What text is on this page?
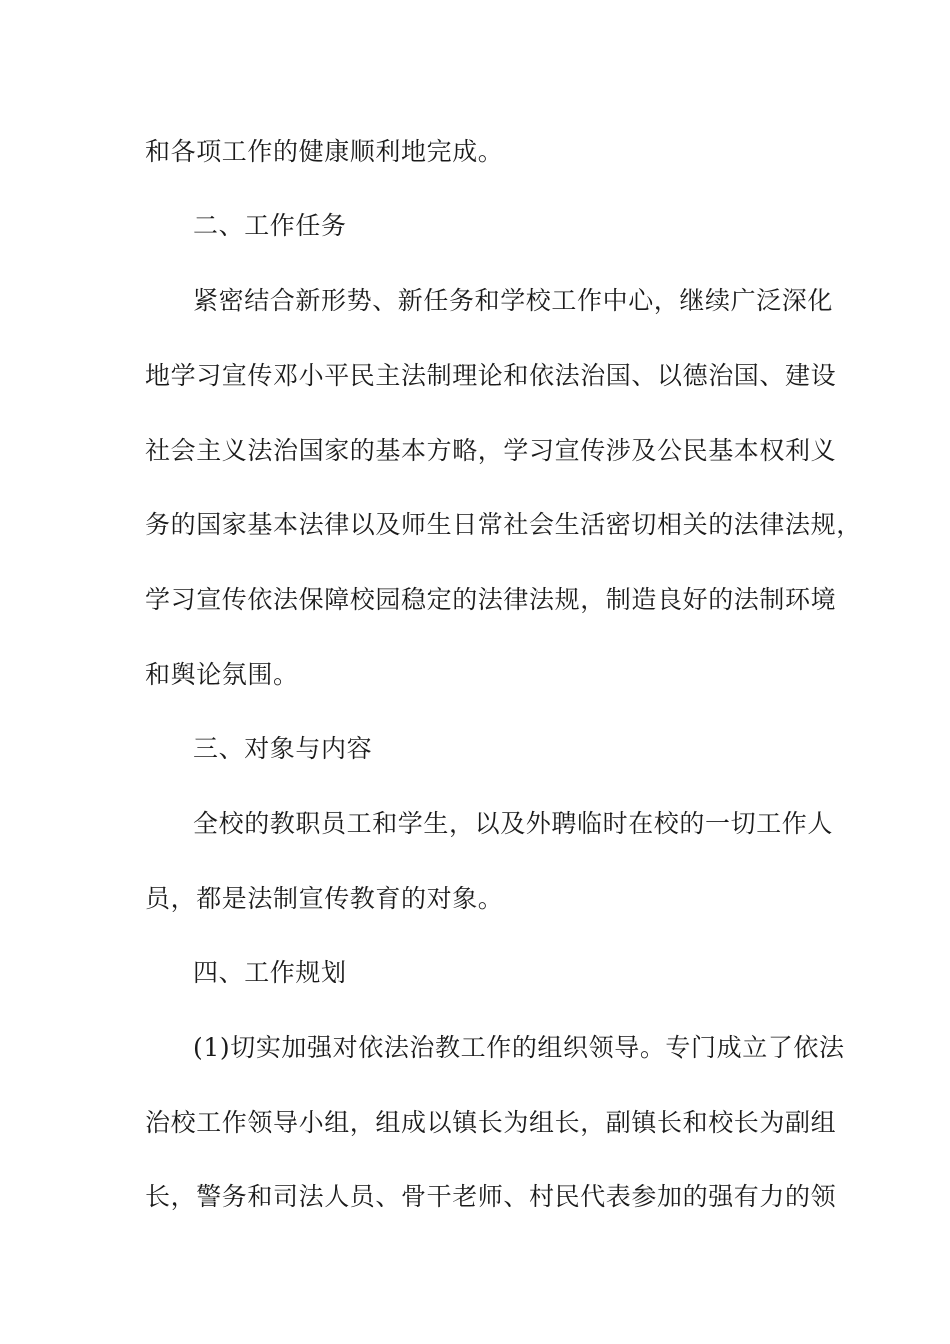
和各项工作的健康顺利地完成。
二、工作任务
紧密结合新形势、新任务和学校工作中心，继续广泛深化
地学习宣传邓小平民主法制理论和依法治国、以德治国、建设
社会主义法治国家的基本方略，学习宣传涉及公民基本权利义
务的国家基本法律以及师生日常社会生活密切相关的法律法规，
学习宣传依法保障校园稳定的法律法规，制造良好的法制环境
和舆论氛围。
三、对象与内容
全校的教职员工和学生，以及外聘临时在校的一切工作人
员，都是法制宣传教育的对象。
四、工作规划
(1)切实加强对依法治教工作的组织领导。专门成立了依法
治校工作领导小组，组成以镇长为组长，副镇长和校长为副组
长，警务和司法人员、骨干老师、村民代表参加的强有力的领
